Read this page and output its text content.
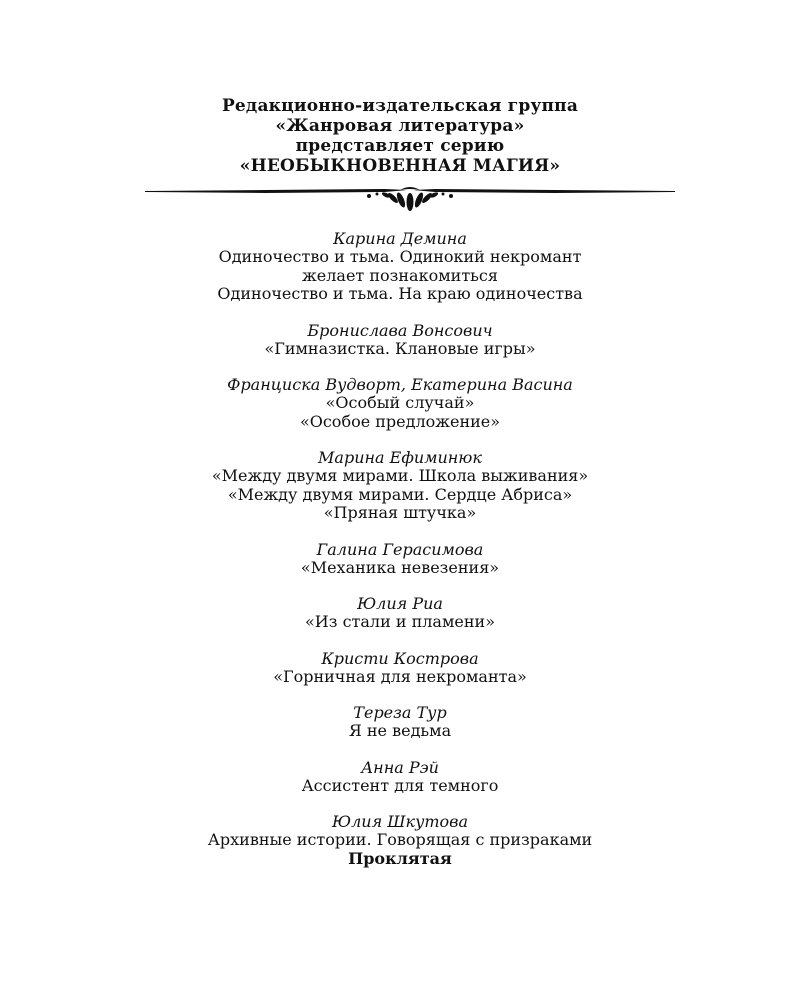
Редакционно-издательская группа
«Жанровая литература»
представляет серию
«НЕОБЫКНОВЕННАЯ МАГИЯ»
Карина Демина
Одиночество и тьма. Одинокий некромант
желает познакомиться
Одиночество и тьма. На краю одиночества
Бронислава Вонсович
«Гимназистка. Клановые игры»
Франциска Вудворт, Екатерина Васина
«Особый случай»
«Особое предложение»
Марина Ефиминюк
«Между двумя мирами. Школа выживания»
«Между двумя мирами. Сердце Абриса»
«Пряная штучка»
Галина Герасимова
«Механика невезения»
Юлия Риа
«Из стали и пламени»
Кристи Кострова
«Горничная для некроманта»
Тереза Тур
Я не ведьма
Анна Рэй
Ассистент для темного
Юлия Шкутова
Архивные истории. Говорящая с призраками
Проклятая
